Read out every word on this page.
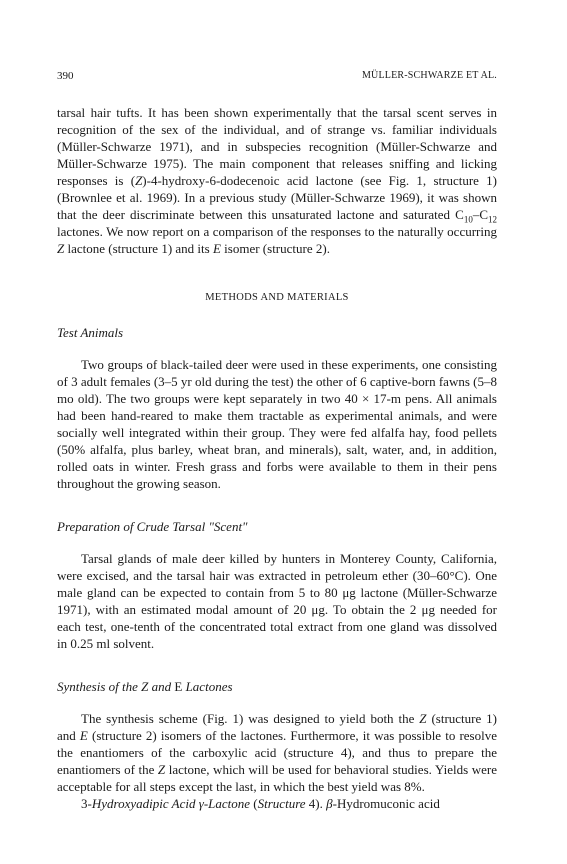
390	MÜLLER-SCHWARZE ET AL.

tarsal hair tufts. It has been shown experimentally that the tarsal scent serves in recognition of the sex of the individual, and of strange vs. familiar individuals (Müller-Schwarze 1971), and in subspecies recognition (Müller-Schwarze and Müller-Schwarze 1975). The main component that releases sniffing and licking responses is (Z)-4-hydroxy-6-dodecenoic acid lactone (see Fig. 1, structure 1) (Brownlee et al. 1969). In a previous study (Müller-Schwarze 1969), it was shown that the deer discriminate between this unsaturated lactone and saturated $C_{10}-C_{12}$ lactones. We now report on a comparison of the responses to the naturally occurring Z lactone (structure 1) and its E isomer (structure 2).

METHODS AND MATERIALS
Test Animals

Two groups of black-tailed deer were used in these experiments, one consisting of 3 adult females (3–5 yr old during the test) the other of 6 captive-born fawns (5–8 mo old). The two groups were kept separately in two 40 × 17-m pens. All animals had been hand-reared to make them tractable as experimental animals, and were socially well integrated within their group. They were fed alfalfa hay, food pellets (50% alfalfa, plus barley, wheat bran, and minerals), salt, water, and, in addition, rolled oats in winter. Fresh grass and forbs were available to them in their pens throughout the growing season.

Preparation of Crude Tarsal "Scent"

Tarsal glands of male deer killed by hunters in Monterey County, California, were excised, and the tarsal hair was extracted in petroleum ether (30–60°C). One male gland can be expected to contain from 5 to 80 μg lactone (Müller-Schwarze 1971), with an estimated modal amount of 20 μg. To obtain the 2 μg needed for each test, one-tenth of the concentrated total extract from one gland was dissolved in 0.25 ml solvent.

Synthesis of the Z and E Lactones

The synthesis scheme (Fig. 1) was designed to yield both the Z (structure 1) and E (structure 2) isomers of the lactones. Furthermore, it was possible to resolve the enantiomers of the carboxylic acid (structure 4), and thus to prepare the enantiomers of the Z lactone, which will be used for behavioral studies. Yields were acceptable for all steps except the last, in which the best yield was 8%.

3-Hydroxyadipic Acid γ-Lactone (Structure 4). β-Hydromuconic acid
